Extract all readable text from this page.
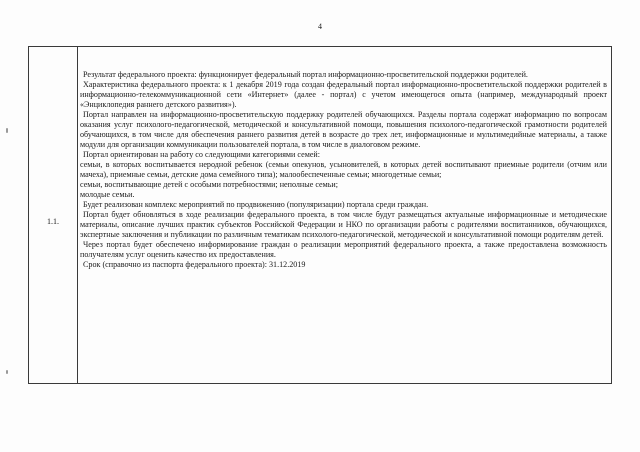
4
1.1.

Результат федерального проекта: функционирует федеральный портал информационно-просветительской поддержки родителей.

Характеристика федерального проекта: к 1 декабря 2019 года создан федеральный портал информационно-просветительской поддержки родителей в информационно-телекоммуникационной сети «Интернет» (далее - портал) с учетом имеющегося опыта (например, международный проект «Энциклопедия раннего детского развития»).

Портал направлен на информационно-просветительскую поддержку родителей обучающихся. Разделы портала содержат информацию по вопросам оказания услуг психолого-педагогической, методической и консультативной помощи, повышения психолого-педагогической грамотности родителей обучающихся, в том числе для обеспечения раннего развития детей в возрасте до трех лет, информационные и мультимедийные материалы, а также модули для организации коммуникации пользователей портала, в том числе в диалоговом режиме.

Портал ориентирован на работу со следующими категориями семей:

семьи, в которых воспитывается неродной ребенок (семьи опекунов, усыновителей, в которых детей воспитывают приемные родители (отчим или мачеха), приемные семьи, детские дома семейного типа); малообеспеченные семьи; многодетные семьи;

семьи, воспитывающие детей с особыми потребностями; неполные семьи;

молодые семьи.

Будет реализован комплекс мероприятий по продвижению (популяризации) портала среди граждан.

Портал будет обновляться в ходе реализации федерального проекта, в том числе будут размещаться актуальные информационные и методические материалы, описание лучших практик субъектов Российской Федерации и НКО по организации работы с родителями воспитанников, обучающихся, экспертные заключения и публикации по различным тематикам психолого-педагогической, методической и консультативной помощи родителям детей.

Через портал будет обеспечено информирование граждан о реализации мероприятий федерального проекта, а также предоставлена возможность получателям услуг оценить качество их предоставления.

Срок (справочно из паспорта федерального проекта): 31.12.2019
